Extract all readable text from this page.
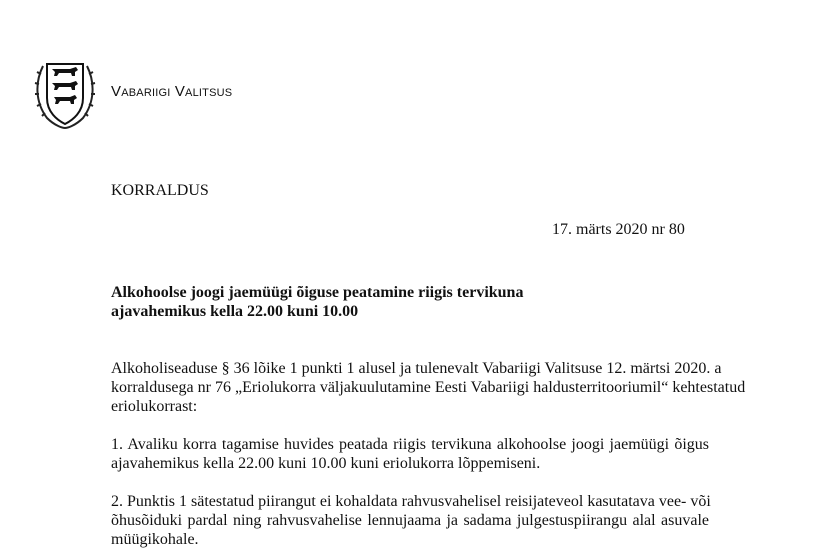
Vabariigi Valitsus
KORRALDUS
17. märts 2020 nr 80
Alkohoolse joogi jaemüügi õiguse peatamine riigis tervikuna
ajavahemikus kella 22.00 kuni 10.00
Alkoholiseaduse § 36 lõike 1 punkti 1 alusel ja tulenevalt Vabariigi Valitsuse 12. märtsi 2020. a
korraldusega nr 76 „Eriolukorra väljakuulutamine Eesti Vabariigi haldusterritooriumil“ kehtestatud
eriolukorrast:
1. Avaliku korra tagamise huvides peatada riigis tervikuna alkohoolse joogi jaemüügi õigus
ajavahemikus kella 22.00 kuni 10.00 kuni eriolukorra lõppemiseni.
2. Punktis 1 sätestatud piirangut ei kohaldata rahvusvahelisel reisijateveol kasutatava vee- või
õhusõiduki pardal ning rahvusvahelise lennujaama ja sadama julgestuspiirangu alal asuvale
müügikohale.
